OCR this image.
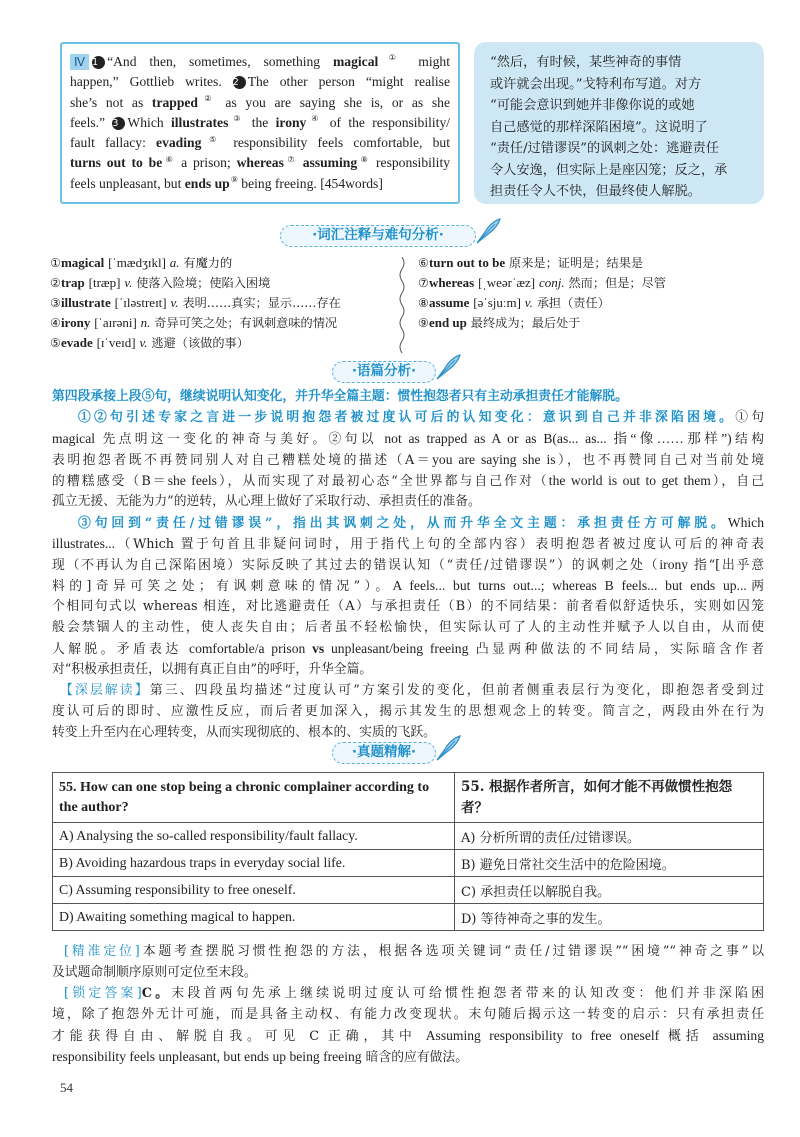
Ⅳ 1 “And then, sometimes, something magical① might
happen,” Gottlieb writes. 2 The other person “might realise
she’s not as trapped② as you are saying she is, or as she
feels.” 3 Which illustrates③ the irony④ of the responsibility/
fault fallacy: evading⑤ responsibility feels comfortable, but
turns out to be⑥ a prison; whereas⑦ assuming⑧ responsibility
feels unpleasant, but ends up⑨ being freeing. [454words]
“然后，有时候，某些神奇的事情
或许就会出现。”戈特利布写道。对方
“可能会意识到她并非像你说的或她
自己感觉的那样深陷困境”。这说明了
“责任/过错谬误”的讽刺之处：逃避责任
令人安逸，但实际上是座囚笼；反之，承
担责任令人不快，但最终使人解脱。
·词汇注释与难句分析·
①magical [ˈmædʒɪkl] a. 有魔力的
②trap [træp] v. 使落入险境；使陷入困境
③illustrate [ˈɪləstreɪt] v. 表明……真实；显示……存在
④irony [ˈaɪrəni] n. 奇异可笑之处；有讽刺意味的情况
⑤evade [ɪˈveɪd] v. 逃避（该做的事）
⑥turn out to be 原来是；证明是；结果是
⑦whereas [ˌweərˈæz] conj. 然而；但是；尽管
⑧assume [əˈsjuːm] v. 承担（责任）
⑨end up 最终成为；最后处于
·语篇分析·
第四段承接上段⑤句，继续说明认知变化，并升华全篇主题：惯性抱怨者只有主动承担责任才能解脱。
①②句引述专家之言进一步说明抱怨者被过度认可后的认知变化：意识到自己并非深陷困境。①句
magical 先点明这一变化的神奇与美好。②句以 not as trapped as A or as B(as... as... 指“像……那样”)结构
表明抱怨者既不再赞同别人对自己糟糕处境的描述（A＝you are saying she is），也不再赞同自己对当前处境
的糟糕感受（B＝she feels），从而实现了对最初心态“全世界都与自己作对（the world is out to get them），自己
孤立无援、无能为力”的逆转，从心理上做好了采取行动、承担责任的准备。
③句回到“责任/过错谬误”，指出其讽刺之处，从而升华全文主题：承担责任方可解脱。Which
illustrates...（Which 置于句首且非疑问词时，用于指代上句的全部内容）表明抱怨者被过度认可后的神奇表
现（不再认为自己深陷困境）实际反映了其过去的错误认知（“责任/过错谬误”）的讽刺之处（irony 指“[出乎意
料的]奇异可笑之处；有讽刺意味的情况”）。A feels... but turns out...; whereas B feels... but ends up...两
个相同句式以 whereas 相连，对比逃避责任（A）与承担责任（B）的不同结果：前者看似舒适快乐，实则如囚笼
般会禁锢人的主动性，使人丧失自由；后者虽不轻松愉快，但实际认可了人的主动性并赋予人以自由，从而使
人解脱。矛盾表达 comfortable/a prison vs unpleasant/being freeing 凸显两种做法的不同结局，实际暗含作者
对“积极承担责任，以拥有真正自由”的呼吁，升华全篇。
【深层解读】第三、四段虽均描述“过度认可”方案引发的变化，但前者侧重表层行为变化，即抱怨者受到过
度认可后的即时、应激性反应，而后者更加深入，揭示其发生的思想观念上的转变。简言之，两段由外在行为
转变上升至内在心理转变，从而实现彻底的、根本的、实质的飞跃。
·真题精解·
55. How can one stop being a chronic complainer according to the author?	55. 根据作者所言，如何才能不再做惯性抱怨者？
A) Analysing the so-called responsibility/fault fallacy.	A) 分析所谓的责任/过错谬误。
B) Avoiding hazardous traps in everyday social life.	B) 避免日常社交生活中的危险困境。
C) Assuming responsibility to free oneself.	C) 承担责任以解脱自我。
D) Awaiting something magical to happen.	D) 等待神奇之事的发生。
[精准定位]本题考查摆脱习惯性抱怨的方法，根据各选项关键词“责任/过错谬误”“困境”“神奇之事”以
及试题命制顺序原则可定位至末段。
[锁定答案]C。末段首两句先承上继续说明过度认可给惯性抱怨者带来的认知改变：他们并非深陷困
境，除了抱怨外无计可施，而是具备主动权、有能力改变现状。末句随后揭示这一转变的启示：只有承担责任
才能获得自由、解脱自我。可见 C 正确，其中 Assuming responsibility to free oneself 概括 assuming
responsibility feels unpleasant, but ends up being freeing 暗含的应有做法。
54
